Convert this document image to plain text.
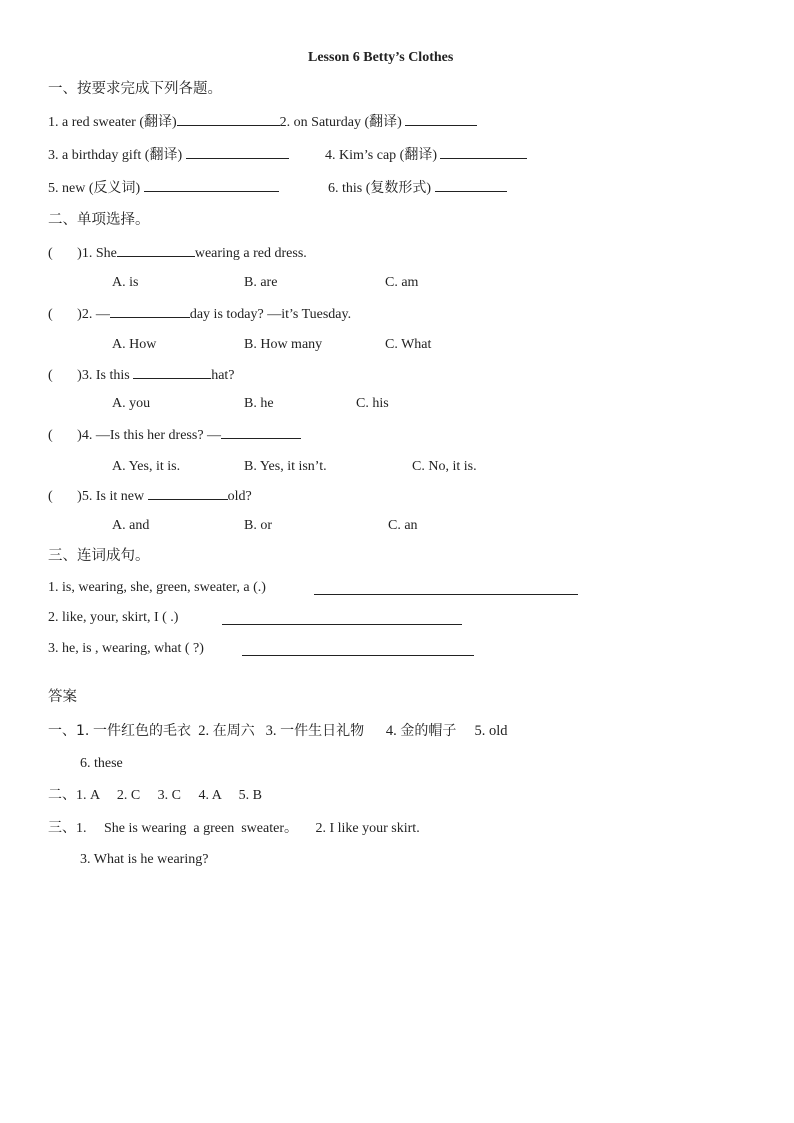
Lesson 6 Betty’s Clothes
一、按要求完成下列各题。
1. a red sweater (翻译)	2. on Saturday (翻译)
3. a birthday gift (翻译)	4. Kim’s cap (翻译)
5. new (反义词)	6. this (复数形式)
二、单项选择。
(       )1. She	wearing a red dress.
A. is	B. are	C. am
(       )2. —	day is today? —it’s Tuesday.
A. How	B. How many	C. What
(       )3. Is this	hat?
A. you	B. he	C. his
(       )4. —Is this her dress? —
A. Yes, it is.	B. Yes, it isn’t.	C. No, it is.
(       )5. Is it new	old?
A. and	B. or	C. an
三、连词成句。
1. is, wearing, she, green, sweater, a (.)
2. like, your, skirt, I ( .)
3. he, is , wearing, what ( ?)
答案
一、1. 一件红色的毛衣 2. 在周六 3. 一件生日礼物 4. 金的帽子 5. old
6. these
二、1. A     2. C     3. C     4. A     5. B
三、1.     She is wearing  a green  sweater。 2. I like your skirt.
3. What is he wearing?
